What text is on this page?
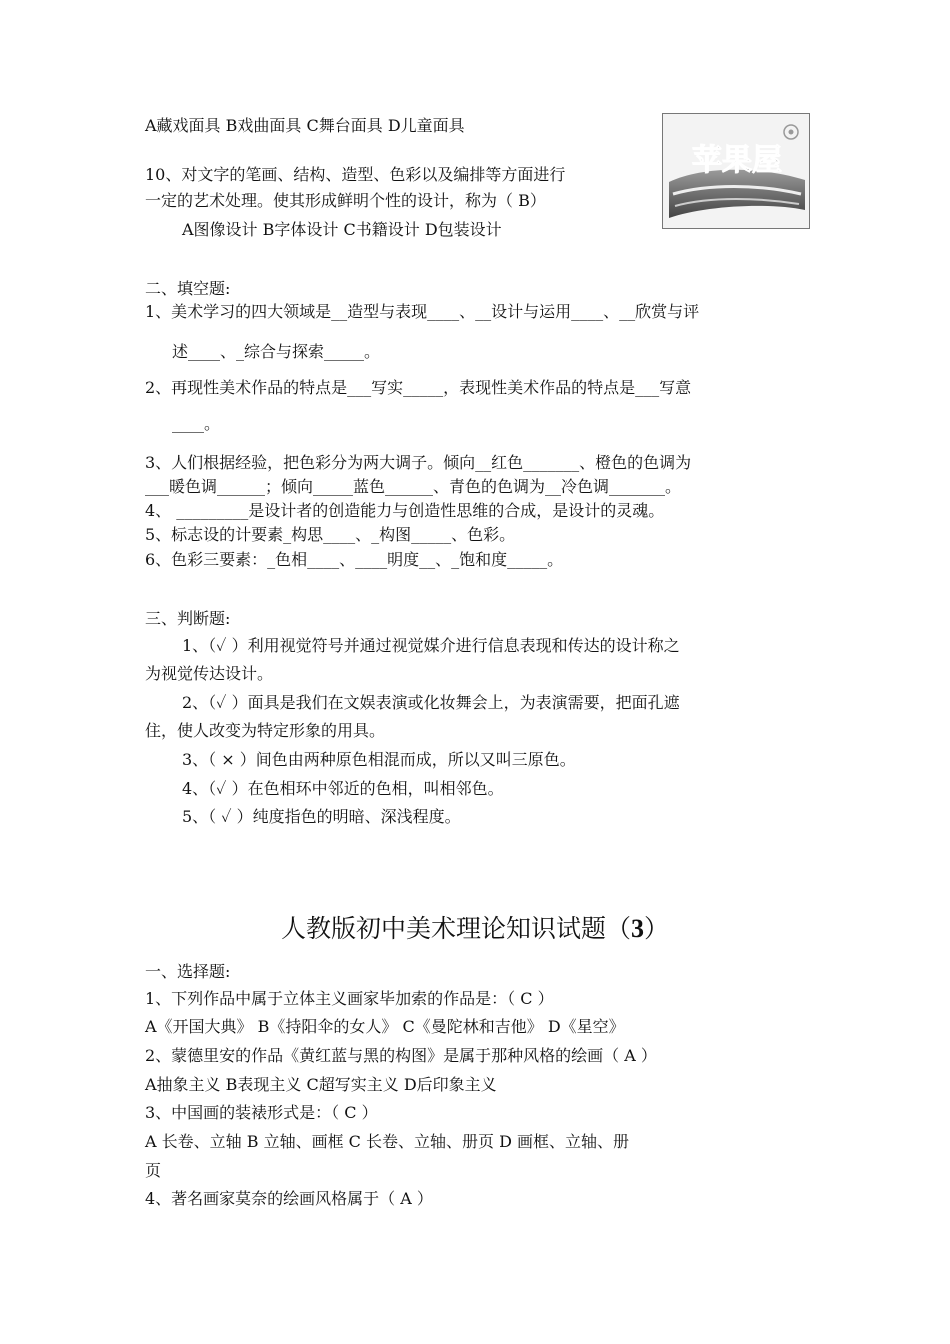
A藏戏面具 B戏曲面具 C舞台面具 D儿童面具
苹果屋
10、对文字的笔画、结构、造型、色彩以及编排等方面进行
一定的艺术处理。使其形成鲜明个性的设计，称为（ B）
A图像设计 B字体设计 C书籍设计 D包装设计
二、填空题:
1、美术学习的四大领域是__造型与表现____、__设计与运用____、__欣赏与评
述____、_综合与探索_____。
2、再现性美术作品的特点是___写实_____，表现性美术作品的特点是___写意
____。
3、人们根据经验，把色彩分为两大调子。倾向__红色_______、橙色的色调为
___暖色调______；倾向_____蓝色______、青色的色调为__冷色调_______。
4、 _________是设计者的创造能力与创造性思维的合成，是设计的灵魂。
5、标志设的计要素_构思____、_构图_____、色彩。
6、色彩三要素：_色相____、____明度__、_饱和度_____。
三、判断题:
1、（✓ ）利用视觉符号并通过视觉媒介进行信息表现和传达的设计称之
为视觉传达设计。
2、（✓ ）面具是我们在文娱表演或化妆舞会上，为表演需要，把面孔遮
住，使人改变为特定形象的用具。
3、（ × ）间色由两种原色相混而成，所以又叫三原色。
4、（✓ ）在色相环中邻近的色相，叫相邻色。
5、（ ✓ ）纯度指色的明暗、深浅程度。
人教版初中美术理论知识试题（3）
一、选择题:
1、下列作品中属于立体主义画家毕加索的作品是：（ C ）
A《开国大典》 B《持阳伞的女人》 C《曼陀林和吉他》 D《星空》
2、蒙德里安的作品《黄红蓝与黑的构图》是属于那种风格的绘画（ A ）
A抽象主义 B表现主义 C超写实主义 D后印象主义
3、中国画的装裱形式是：（ C ）
A 长卷、立轴 B 立轴、画框 C 长卷、立轴、册页 D 画框、立轴、册
页
4、著名画家莫奈的绘画风格属于（ A ）
